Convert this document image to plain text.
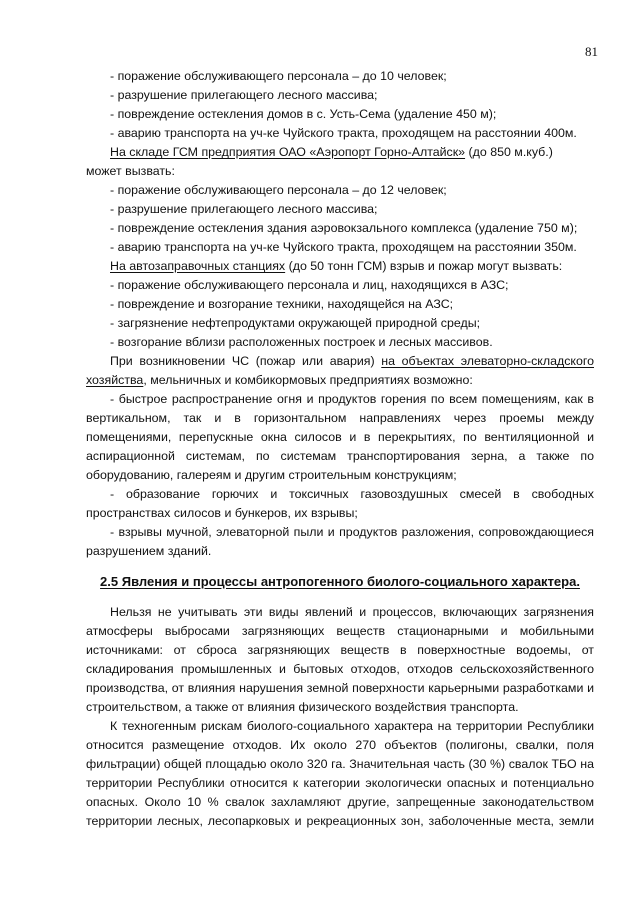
81
- поражение обслуживающего персонала – до 10 человек;
- разрушение прилегающего лесного массива;
- повреждение остекления домов в с. Усть-Сема (удаление 450 м);
- аварию транспорта на уч-ке Чуйского тракта, проходящем на расстоянии 400м.
На складе ГСМ предприятия ОАО «Аэропорт Горно-Алтайск» (до 850 м.куб.)
может вызвать:
- поражение обслуживающего персонала – до 12 человек;
- разрушение прилегающего лесного массива;
- повреждение остекления здания аэровокзального комплекса (удаление 750 м);
- аварию транспорта на уч-ке Чуйского тракта, проходящем на расстоянии 350м.
На автозаправочных станциях (до 50 тонн ГСМ) взрыв и пожар могут вызвать:
- поражение обслуживающего персонала и лиц, находящихся в АЗС;
- повреждение и возгорание техники, находящейся на АЗС;
- загрязнение нефтепродуктами окружающей природной среды;
- возгорание вблизи расположенных построек и лесных массивов.
При возникновении ЧС (пожар или авария) на объектах элеваторно-складского
хозяйства, мельничных и комбикормовых предприятиях возможно:
- быстрое распространение огня и продуктов горения по всем помещениям, как в
вертикальном, так и в горизонтальном направлениях через проемы между
помещениями, перепускные окна силосов и в перекрытиях, по вентиляционной и
аспирационной системам, по системам транспортирования зерна, а также по
оборудованию, галереям и другим строительным конструкциям;
- образование горючих и токсичных газовоздушных смесей в свободных
пространствах силосов и бункеров, их взрывы;
- взрывы мучной, элеваторной пыли и продуктов разложения, сопровождающиеся
разрушением зданий.
2.5 Явления и процессы антропогенного биолого-социального характера.
Нельзя не учитывать эти виды явлений и процессов, включающих загрязнения
атмосферы выбросами загрязняющих веществ стационарными и мобильными
источниками: от сброса загрязняющих веществ в поверхностные водоемы, от
складирования промышленных и бытовых отходов, отходов сельскохозяйственного
производства, от влияния нарушения земной поверхности карьерными разработками и
строительством, а также от влияния физического воздействия транспорта.
К техногенным рискам биолого-социального характера на территории Республики
относится размещение отходов. Их около 270 объектов (полигоны, свалки, поля
фильтрации) общей площадью около 320 га. Значительная часть (30 %) свалок ТБО на
территории Республики относится к категории экологически опасных и потенциально
опасных. Около 10 % свалок захламляют другие, запрещенные законодательством
территории лесных, лесопарковых и рекреационных зон, заболоченные места, земли
